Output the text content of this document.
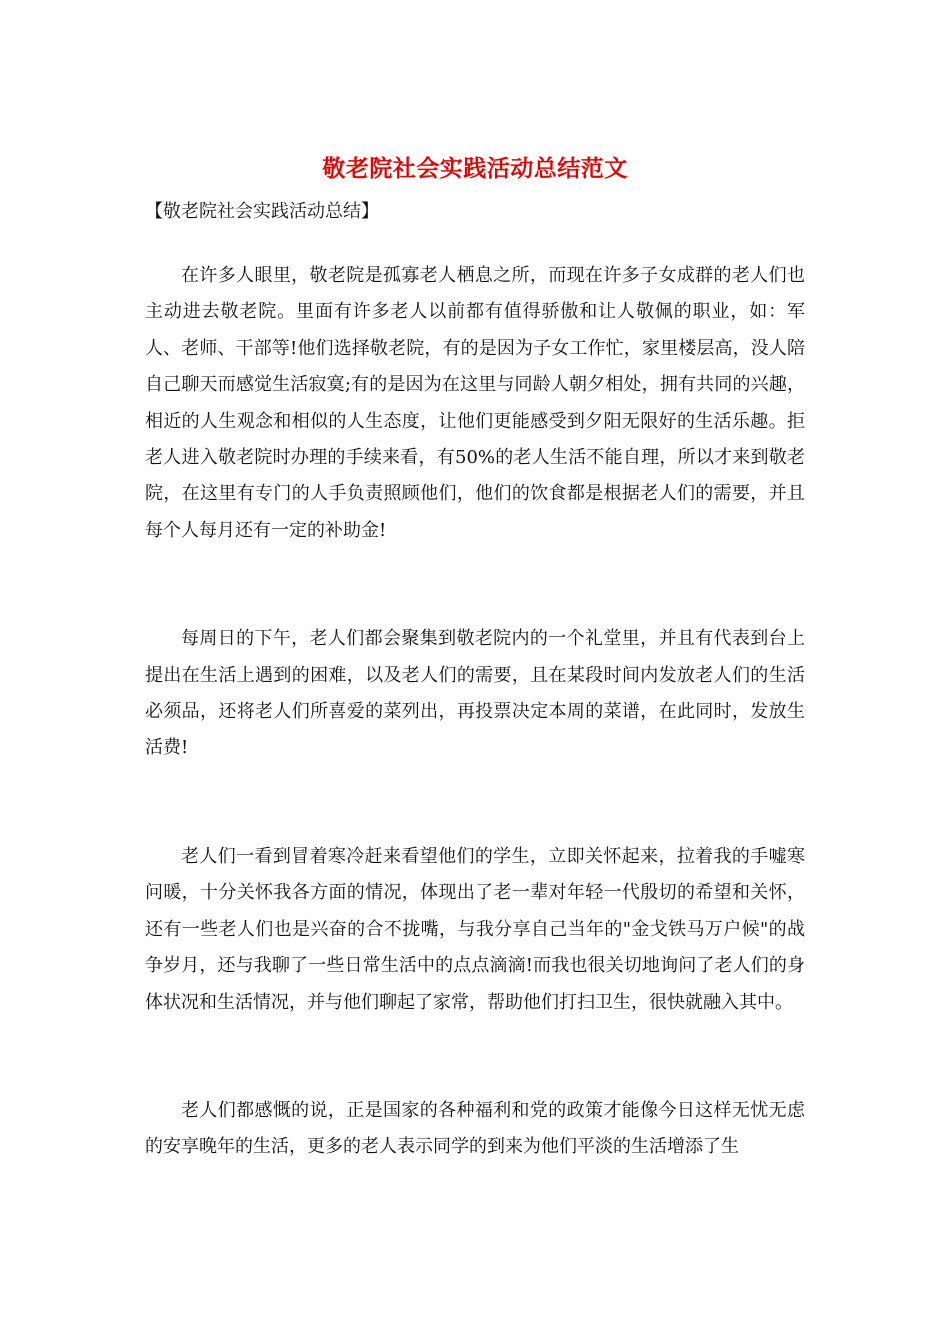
敬老院社会实践活动总结范文

【敬老院社会实践活动总结】

在许多人眼里，敬老院是孤寡老人栖息之所，而现在许多子女成群的老人们也主动进去敬老院。里面有许多老人以前都有值得骄傲和让人敬佩的职业，如：军人、老师、干部等!他们选择敬老院，有的是因为子女工作忙，家里楼层高，没人陪自己聊天而感觉生活寂寞;有的是因为在这里与同龄人朝夕相处，拥有共同的兴趣，相近的人生观念和相似的人生态度，让他们更能感受到夕阳无限好的生活乐趣。拒老人进入敬老院时办理的手续来看，有50%的老人生活不能自理，所以才来到敬老院，在这里有专门的人手负责照顾他们，他们的饮食都是根据老人们的需要，并且每个人每月还有一定的补助金!

每周日的下午，老人们都会聚集到敬老院内的一个礼堂里，并且有代表到台上提出在生活上遇到的困难，以及老人们的需要，且在某段时间内发放老人们的生活必须品，还将老人们所喜爱的菜列出，再投票决定本周的菜谱，在此同时，发放生活费!

老人们一看到冒着寒冷赶来看望他们的学生，立即关怀起来，拉着我的手嘘寒问暖，十分关怀我各方面的情况，体现出了老一辈对年轻一代殷切的希望和关怀，还有一些老人们也是兴奋的合不拢嘴，与我分享自己当年的"金戈铁马万户候"的战争岁月，还与我聊了一些日常生活中的点点滴滴!而我也很关切地询问了老人们的身体状况和生活情况，并与他们聊起了家常，帮助他们打扫卫生，很快就融入其中。

老人们都感慨的说，正是国家的各种福利和党的政策才能像今日这样无忧无虑的安享晚年的生活，更多的老人表示同学的到来为他们平淡的生活增添了生
